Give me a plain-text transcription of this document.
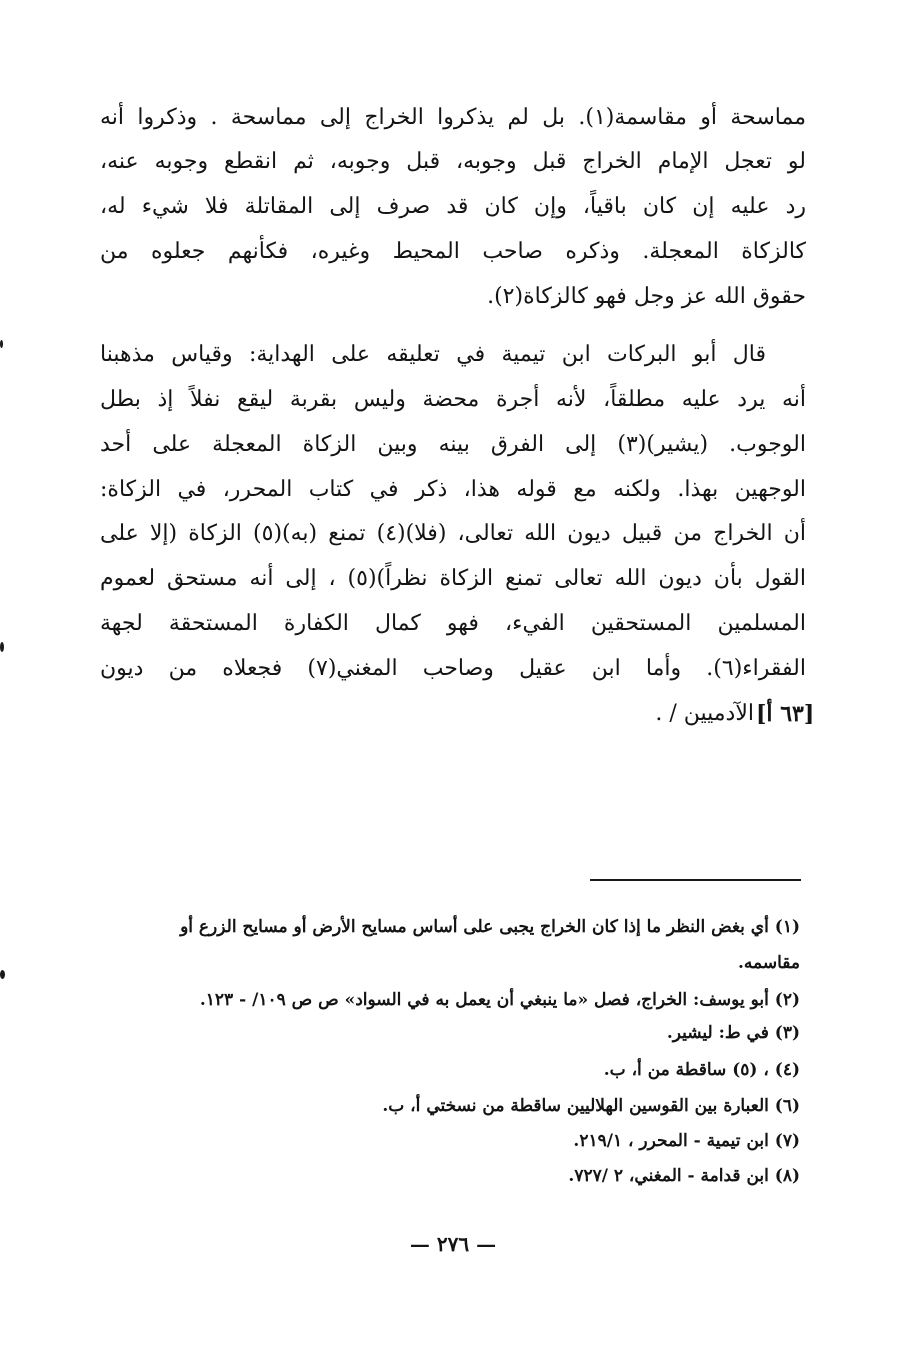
مماسحة أو مقاسمة(١). بل لم يذكروا الخراج إلى مماسحة . وذكروا أنه
لو تعجل الإمام الخراج قبل وجوبه، قبل وجوبه، ثم انقطع وجوبه عنه،
رد عليه إن كان باقياً، وإن كان قد صرف إلى المقاتلة فلا شيء له،
كالزكاة المعجلة. وذكره صاحب المحيط وغيره، فكأنهم جعلوه من
حقوق الله عز وجل فهو كالزكاة(٢).
قال أبو البركات ابن تيمية في تعليقه على الهداية: وقياس مذهبنا
أنه يرد عليه مطلقاً، لأنه أجرة محضة وليس بقربة ليقع نفلاً إذ بطل
الوجوب. (يشير)(٣) إلى الفرق بينه وبين الزكاة المعجلة على أحد
الوجهين بهذا. ولكنه مع قوله هذا، ذكر في كتاب المحرر، في الزكاة:
أن الخراج من قبيل ديون الله تعالى، (فلا)(٤) تمنع (به)(٥) الزكاة (إلا على
القول بأن ديون الله تعالى تمنع الزكاة نظراً)(٥) ، إلى أنه مستحق لعموم
المسلمين المستحقين الفيء، فهو كمال الكفارة المستحقة لجهة
الفقراء(٦). وأما ابن عقيل وصاحب المغني(٧) فجعلاه من ديون
الآدميين / . [٦٣ أ]
(١) أي بغض النظر ما إذا كان الخراج يجبى على أساس مسايح الأرض أو مسايح الزرع أو
مقاسمه.
(٢) أبو يوسف: الخراج، فصل «ما ينبغي أن يعمل به في السواد» ص ص ١٠٩/ - ١٢٣.
(٣) في ط: ليشير.
(٤) ، (٥) ساقطة من أ، ب.
(٦) العبارة بين القوسين الهلاليين ساقطة من نسختي أ، ب.
(٧) ابن تيمية - المحرر ، ٢١٩/١.
(٨) ابن قدامة - المغني، ٢ /٧٢٧.
— ٢٧٦ —
